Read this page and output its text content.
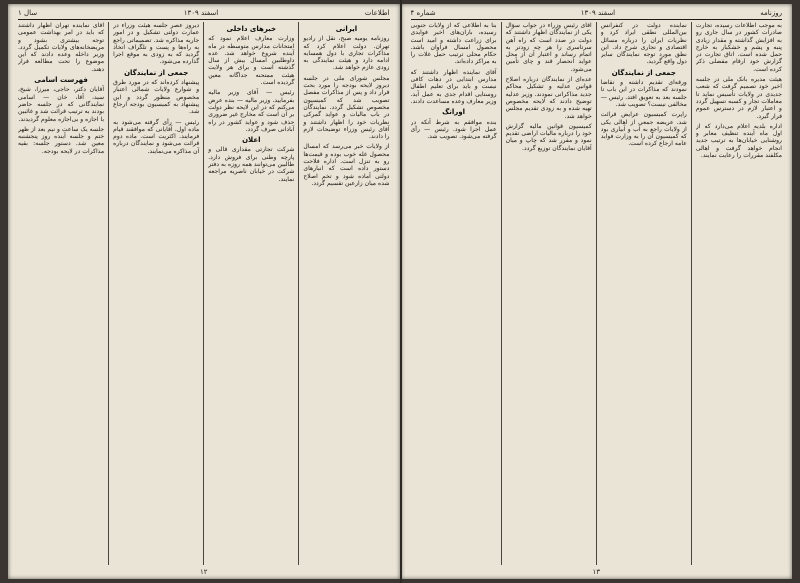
اطلاعات
اسفند ۱۳۰۹
سال ۱
ایرانی

روزنامه یومیه صبح، نقل از رادیو تهران. دولت اعلام کرد که مذاکرات تجاری با دول همسایه ادامه دارد و هیئت نمایندگی به زودی عازم خواهد شد.

مجلس شورای ملی در جلسه دیروز لایحه بودجه را مورد بحث قرار داد و پس از مذاکرات مفصل تصویب شد که کمیسیون مخصوص تشکیل گردد. نمایندگان در باب مالیات و عواید گمرکی نظریات خود را اظهار داشتند و آقای رئیس وزراء توضیحات لازم را دادند.

از ولایات خبر می‌رسد که امسال محصول غله خوب بوده و قیمت‌ها رو به تنزل است. اداره فلاحت دستور داده است که انبارهای دولتی آماده شود و تخم اصلاح شده میان زارعین تقسیم گردد.

خبرهای داخلی

وزارت معارف اعلام نمود که امتحانات مدارس متوسطه در ماه آینده شروع خواهد شد. عده داوطلبین امسال بیش از سال گذشته است و برای هر ولایت هیئت ممتحنه جداگانه معین گردیده است.

رئیس — آقای وزیر مالیه بفرمایید. وزیر مالیه — بنده عرض می‌کنم که در این لایحه نظر دولت بر آن است که مخارج غیر ضروری حذف شود و عواید کشور در راه آبادانی صرف گردد.

اعلان

شرکت تجارتی مقداری قالی و پارچه وطنی برای فروش دارد. طالبین می‌توانند همه روزه به دفتر شرکت در خیابان ناصریه مراجعه نمایند.

دیروز عصر جلسه هیئت وزراء در عمارت دولتی تشکیل و در امور جاریه مذاکره شد. تصمیماتی راجع به راه‌ها و پست و تلگراف اتخاذ گردید که به زودی به موقع اجرا گذارده می‌شود.

جمعی از نمایندگان

پیشنهاد کرده‌اند که در مورد طرق و شوارع ولایات شمالی اعتبار مخصوص منظور گردد و این پیشنهاد به کمیسیون بودجه ارجاع شد.

رئیس — رأی گرفته می‌شود به ماده اول. آقایانی که موافقند قیام فرمایند. اکثریت است. ماده دوم قرائت می‌شود و نمایندگان درباره آن مذاکره می‌نمایند.

آقای نماینده تهران اظهار داشتند که باید در امر بهداشت عمومی توجه بیشتری بشود و مریضخانه‌های ولایات تکمیل گردد. وزیر داخله وعده دادند که این موضوع را تحت مطالعه قرار دهند.

فهرست اسامی

آقایان دکتر، حاجی، میرزا، شیخ، سید، آقا، خان — اسامی نمایندگانی که در جلسه حاضر بودند به ترتیب قرائت شد و غائبین با اجازه و بی‌اجازه معلوم گردیدند.

جلسه یک ساعت و نیم بعد از ظهر ختم و جلسه آینده روز پنجشنبه معین شد. دستور جلسه: بقیه مذاکرات در لایحه بودجه.

۱۲
روزنامه
اسفند ۱۳۰۹
شماره ۴

به موجب اطلاعات رسیده، تجارت صادرات کشور در سال جاری رو به افزایش گذاشته و مقدار زیادی پنبه و پشم و خشکبار به خارج حمل شده است. اتاق تجارت در گزارش خود ارقام مفصلی ذکر کرده است.

هیئت مدیره بانک ملی در جلسه اخیر خود تصمیم گرفت که شعب جدیدی در ولایات تأسیس نماید تا معاملات تجار و کسبه تسهیل گردد و اعتبار لازم در دسترس عموم قرار گیرد.

اداره بلدیه اعلام می‌دارد که از اول ماه آینده تنظیف معابر و روشنایی خیابان‌ها به ترتیب جدید انجام خواهد گرفت و اهالی مکلفند مقررات را رعایت نمایند.

نماینده دولت در کنفرانس بین‌المللی نطقی ایراد کرد و نظریات ایران را درباره مسائل اقتصادی و تجاری شرح داد. این نطق مورد توجه نمایندگان سایر دول واقع گردید.

جمعی از نمایندگان

ورقه‌ای تقدیم داشته و تقاضا نمودند که مذاکرات در این باب تا جلسه بعد به تعویق افتد. رئیس — مخالفی نیست؟ تصویب شد.

راپرت کمیسیون عرایض قرائت شد. عریضه جمعی از اهالی یکی از ولایات راجع به آب و آبیاری بود که کمیسیون آن را به وزارت فواید عامه ارجاع کرده است.

آقای رئیس وزراء در جواب سؤال یکی از نمایندگان اظهار داشتند که دولت در صدد است که راه آهن سرتاسری را هر چه زودتر به اتمام رساند و اعتبار آن از محل عواید انحصار قند و چای تأمین می‌شود.

عده‌ای از نمایندگان درباره اصلاح قوانین عدلیه و تشکیل محاکم جدید مذاکراتی نمودند. وزیر عدلیه توضیح دادند که لایحه مخصوص تهیه شده و به زودی تقدیم مجلس خواهد شد.

کمیسیون قوانین مالیه گزارش خود را درباره مالیات اراضی تقدیم نمود و مقرر شد که چاپ و میان آقایان نمایندگان توزیع گردد.

بنا به اطلاعی که از ولایات جنوبی رسیده، باران‌های اخیر فوایدی برای زراعت داشته و امید است محصول امسال فراوان باشد. حکام محلی ترتیب حمل غلات را به مراکز داده‌اند.

آقای نماینده اظهار داشتند که مدارس ابتدایی در دهات کافی نیست و باید برای تعلیم اطفال روستایی اقدام جدی به عمل آید. وزیر معارف وعده مساعدت دادند.

اورانگ

بنده موافقم به شرط آنکه در عمل اجرا شود. رئیس — رأی گرفته می‌شود. تصویب شد.

۱۳
